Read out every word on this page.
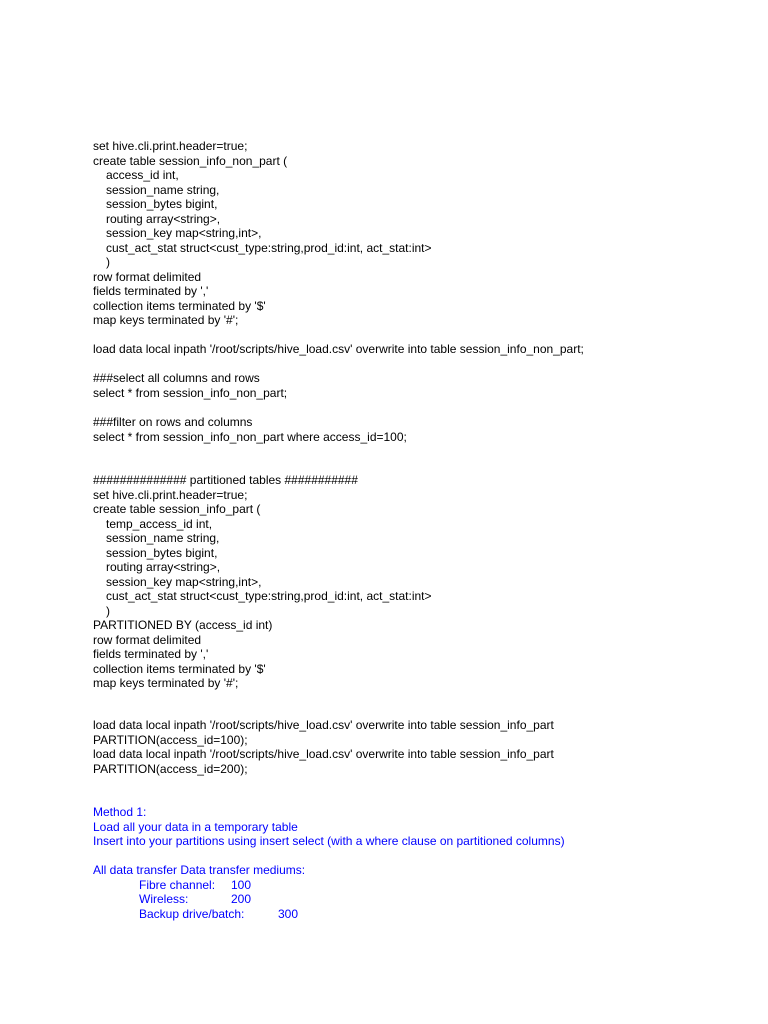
set hive.cli.print.header=true;
create table session_info_non_part (
access_id int,
session_name string,
session_bytes bigint,
routing array<string>,
session_key map<string,int>,
cust_act_stat struct<cust_type:string,prod_id:int, act_stat:int>
)
row format delimited
fields terminated by ','
collection items terminated by '$'
map keys terminated by '#';
load data local inpath '/root/scripts/hive_load.csv' overwrite into table session_info_non_part;
###select all columns and rows
select * from session_info_non_part;
###filter on rows and columns
select * from session_info_non_part where access_id=100;
############## partitioned tables ###########
set hive.cli.print.header=true;
create table session_info_part (
temp_access_id int,
session_name string,
session_bytes bigint,
routing array<string>,
session_key map<string,int>,
cust_act_stat struct<cust_type:string,prod_id:int, act_stat:int>
)
PARTITIONED BY (access_id int)
row format delimited
fields terminated by ','
collection items terminated by '$'
map keys terminated by '#';
load data local inpath '/root/scripts/hive_load.csv' overwrite into table session_info_part
PARTITION(access_id=100);
load data local inpath '/root/scripts/hive_load.csv' overwrite into table session_info_part
PARTITION(access_id=200);
Method 1:
Load all your data in a temporary table
Insert into your partitions using insert select (with a where clause on partitioned columns)
All data transfer Data transfer mediums:

Fibre channel:

100

Wireless:

	200

Backup drive/batch:

	300
